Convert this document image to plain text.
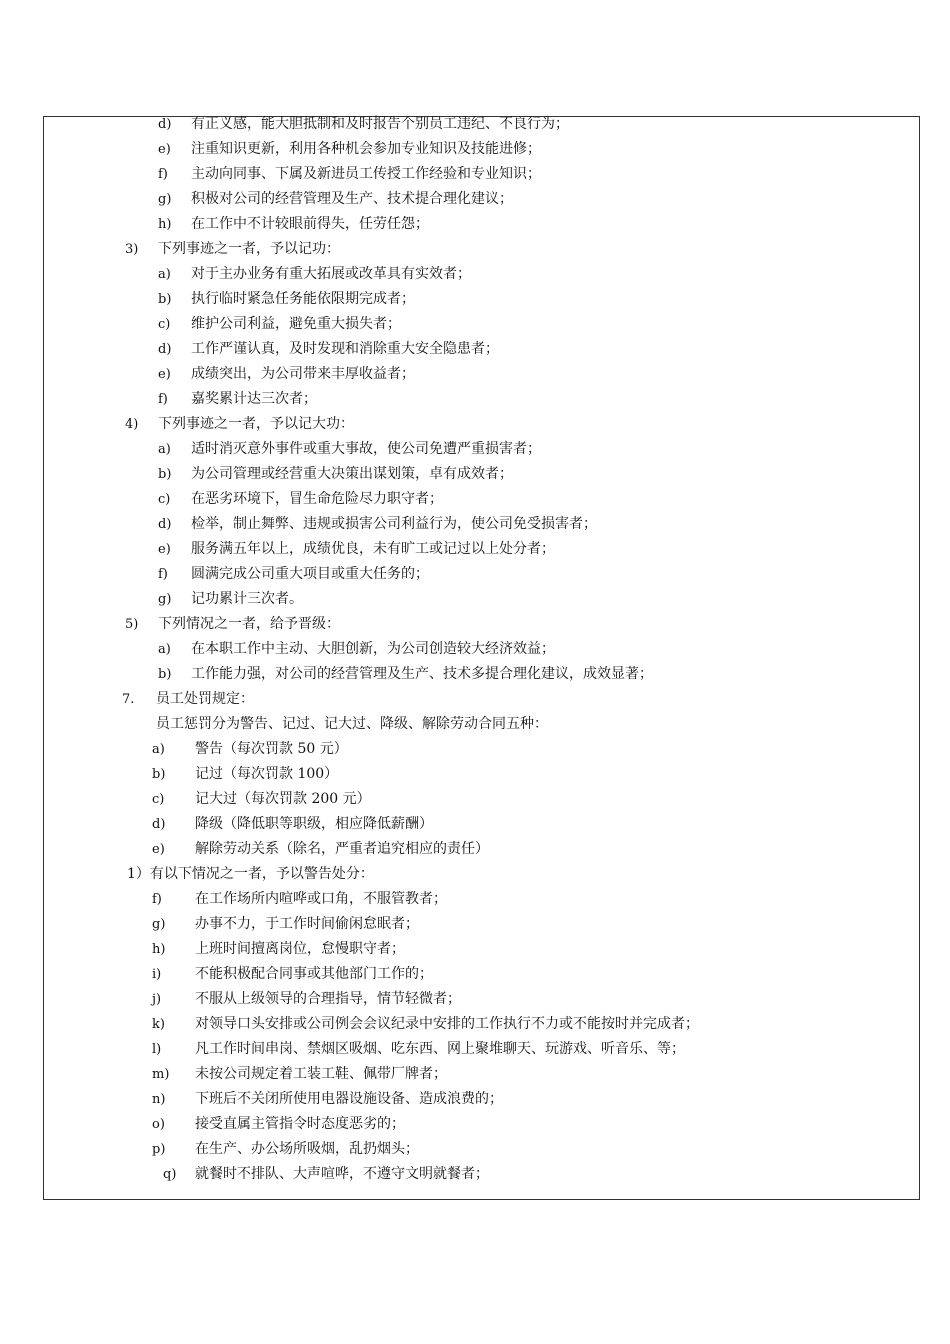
d) 有正义感，能大胆抵制和及时报告个别员工违纪、不良行为；
e) 注重知识更新，利用各种机会参加专业知识及技能进修；
f) 主动向同事、下属及新进员工传授工作经验和专业知识；
g) 积极对公司的经营管理及生产、技术提合理化建议；
h) 在工作中不计较眼前得失，任劳任怨；
3) 下列事迹之一者，予以记功：
a) 对于主办业务有重大拓展或改革具有实效者；
b) 执行临时紧急任务能依限期完成者；
c) 维护公司利益，避免重大损失者；
d) 工作严谨认真，及时发现和消除重大安全隐患者；
e) 成绩突出，为公司带来丰厚收益者；
f) 嘉奖累计达三次者；
4) 下列事迹之一者，予以记大功：
a) 适时消灭意外事件或重大事故，使公司免遭严重损害者；
b) 为公司管理或经营重大决策出谋划策，卓有成效者；
c) 在恶劣环境下，冒生命危险尽力职守者；
d) 检举，制止舞弊、违规或损害公司利益行为，使公司免受损害者；
e) 服务满五年以上，成绩优良，未有旷工或记过以上处分者；
f) 圆满完成公司重大项目或重大任务的；
g) 记功累计三次者。
5) 下列情况之一者，给予晋级：
a) 在本职工作中主动、大胆创新，为公司创造较大经济效益；
b) 工作能力强，对公司的经营管理及生产、技术多提合理化建议，成效显著；
7. 员工处罚规定：
员工惩罚分为警告、记过、记大过、降级、解除劳动合同五种：
a) 警告（每次罚款 50 元）
b) 记过（每次罚款 100）
c) 记大过（每次罚款 200 元）
d) 降级（降低职等职级，相应降低薪酬）
e) 解除劳动关系（除名，严重者追究相应的责任）
1）有以下情况之一者，予以警告处分：
f) 在工作场所内喧哗或口角，不服管教者；
g) 办事不力，于工作时间偷闲怠眠者；
h) 上班时间擅离岗位，怠慢职守者；
i) 不能积极配合同事或其他部门工作的；
j) 不服从上级领导的合理指导，情节轻微者；
k) 对领导口头安排或公司例会会议纪录中安排的工作执行不力或不能按时并完成者；
l) 凡工作时间串岗、禁烟区吸烟、吃东西、网上聚堆聊天、玩游戏、听音乐、等；
m) 未按公司规定着工装工鞋、佩带厂牌者；
n) 下班后不关闭所使用电器设施设备、造成浪费的；
o) 接受直属主管指令时态度恶劣的；
p) 在生产、办公场所吸烟，乱扔烟头；
q) 就餐时不排队、大声喧哗，不遵守文明就餐者；
